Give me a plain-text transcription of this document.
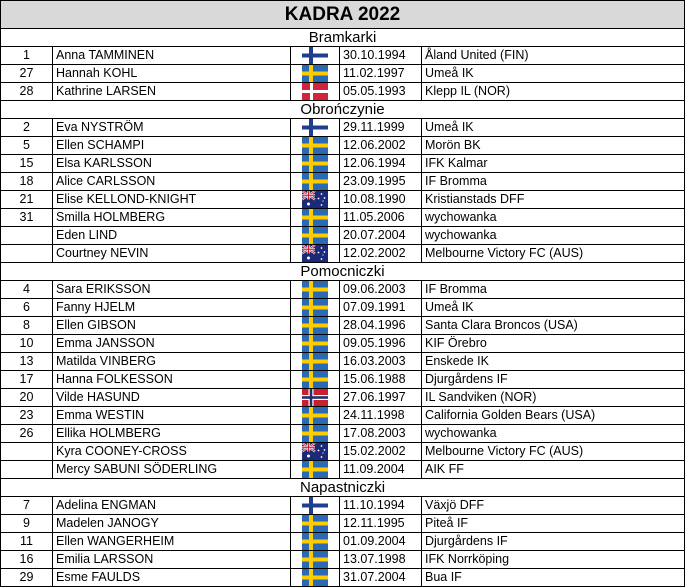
KADRA 2022				
Bramkarki				
1	Anna TAMMINEN		30.10.1994	Åland United (FIN)
27	Hannah KOHL		11.02.1997	Umeå IK
28	Kathrine LARSEN		05.05.1993	Klepp IL (NOR)
Obrończynie				
2	Eva NYSTRÖM		29.11.1999	Umeå IK
5	Ellen SCHAMPI		12.06.2002	Morön BK
15	Elsa KARLSSON		12.06.1994	IFK Kalmar
18	Alice CARLSSON		23.09.1995	IF Bromma
21	Elise KELLOND-KNIGHT		10.08.1990	Kristianstads DFF
31	Smilla HOLMBERG		11.05.2006	wychowanka
	Eden LIND		20.07.2004	wychowanka
	Courtney NEVIN		12.02.2002	Melbourne Victory FC (AUS)
Pomocniczki				
4	Sara ERIKSSON		09.06.2003	IF Bromma
6	Fanny HJELM		07.09.1991	Umeå IK
8	Ellen GIBSON		28.04.1996	Santa Clara Broncos (USA)
10	Emma JANSSON		09.05.1996	KIF Örebro
13	Matilda VINBERG		16.03.2003	Enskede IK
17	Hanna FOLKESSON		15.06.1988	Djurgårdens IF
20	Vilde HASUND		27.06.1997	IL Sandviken (NOR)
23	Emma WESTIN		24.11.1998	California Golden Bears (USA)
26	Ellika HOLMBERG		17.08.2003	wychowanka
	Kyra COONEY-CROSS		15.02.2002	Melbourne Victory FC (AUS)
	Mercy SABUNI SÖDERLING		11.09.2004	AIK FF
Napastniczki				
7	Adelina ENGMAN		11.10.1994	Växjö DFF
9	Madelen JANOGY		12.11.1995	Piteå IF
11	Ellen WANGERHEIM		01.09.2004	Djurgårdens IF
16	Emilia LARSSON		13.07.1998	IFK Norrköping
29	Esme FAULDS		31.07.2004	Bua IF
